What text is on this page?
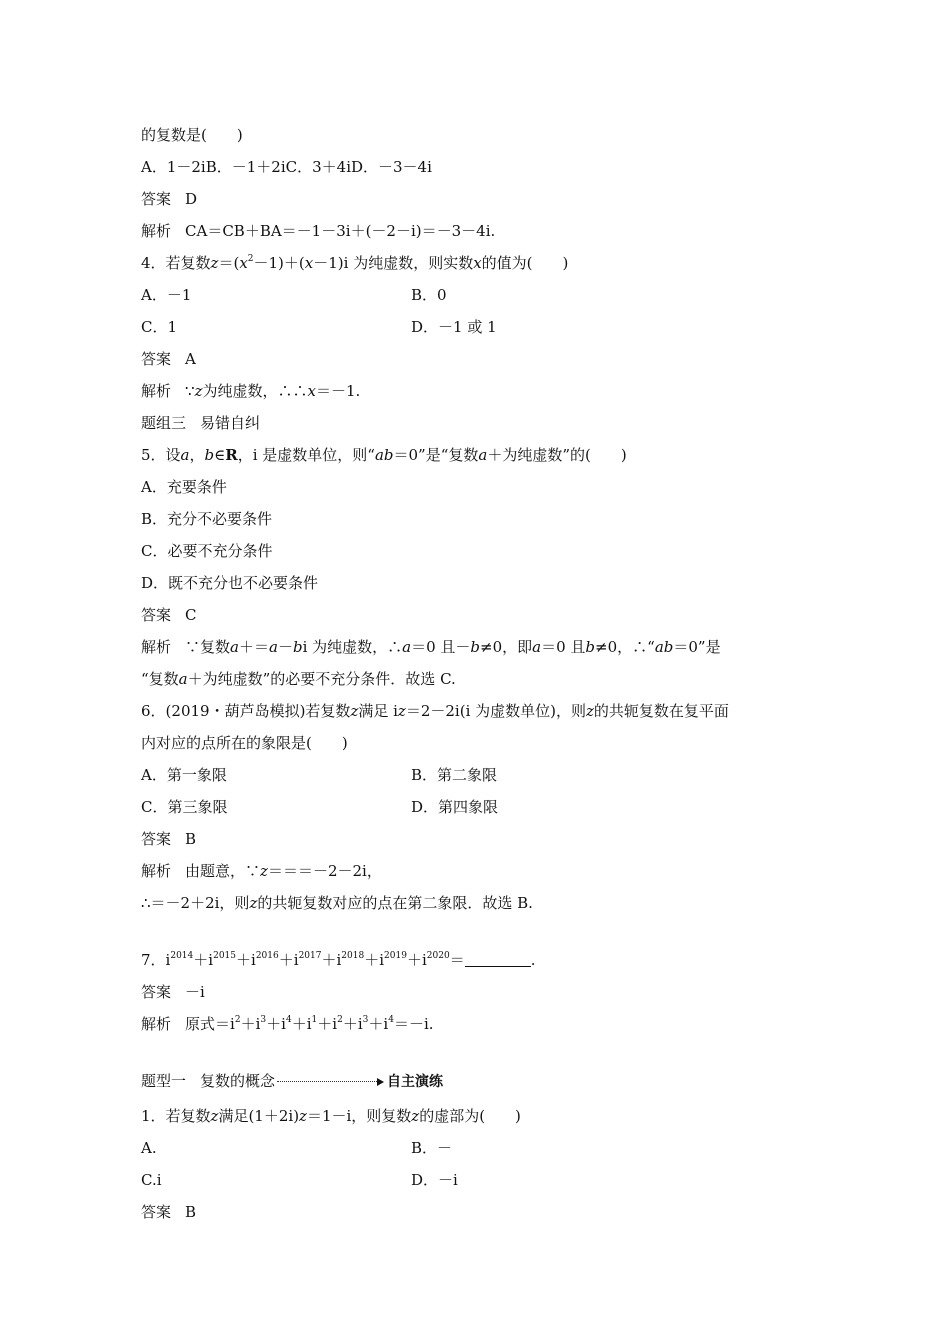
的复数是(　　)
A．1－2iB．－1＋2iC．3＋4iD．－3－4i
答案 D
解析 CA＝CB＋BA＝－1－3i＋(－2－i)＝－3－4i.
4．若复数$z=(x^2-1)+(x-1)i$ 为纯虚数，则实数x的值为(　　)
A．－1	B．0
C．1	D．－1 或 1
答案 A
解析 ∵z为纯虚数，∴∴x＝－1.
题组三 易错自纠
5．设a，b∈R，i 是虚数单位，则“ab＝0”是“复数a＋为纯虚数”的(　　)
A．充要条件
B．充分不必要条件
C．必要不充分条件
D．既不充分也不必要条件
答案 C
解析 ∵复数a＋＝a－bi 为纯虚数，∴a＝0 且－b≠0，即a＝0 且b≠0，∴“ab＝0”是
“复数a＋为纯虚数”的必要不充分条件．故选 C.
6．(2019・葫芦岛模拟)若复数z满足 iz＝2－2i(i 为虚数单位)，则z的共轭复数在复平面
内对应的点所在的象限是(　　)
A．第一象限	B．第二象限
C．第三象限	D．第四象限
答案 B
解析 由题意，∵z＝＝＝－2－2i，
∴＝－2＋2i，则z的共轭复数对应的点在第二象限．故选 B.
7．$i^{2014}+i^{2015}+i^{2016}+i^{2017}+i^{2018}+i^{2019}+i^{2020}=$	.
答案 －i
解析 原式$=i^2+i^3+i^4+i^1+i^2+i^3+i^4=-i$.
题型一 复数的概念	自主演练
1．若复数z满足(1＋2i)z＝1－i，则复数z的虚部为(　　)
A.	B．－
C.i	D．－i
答案 B
